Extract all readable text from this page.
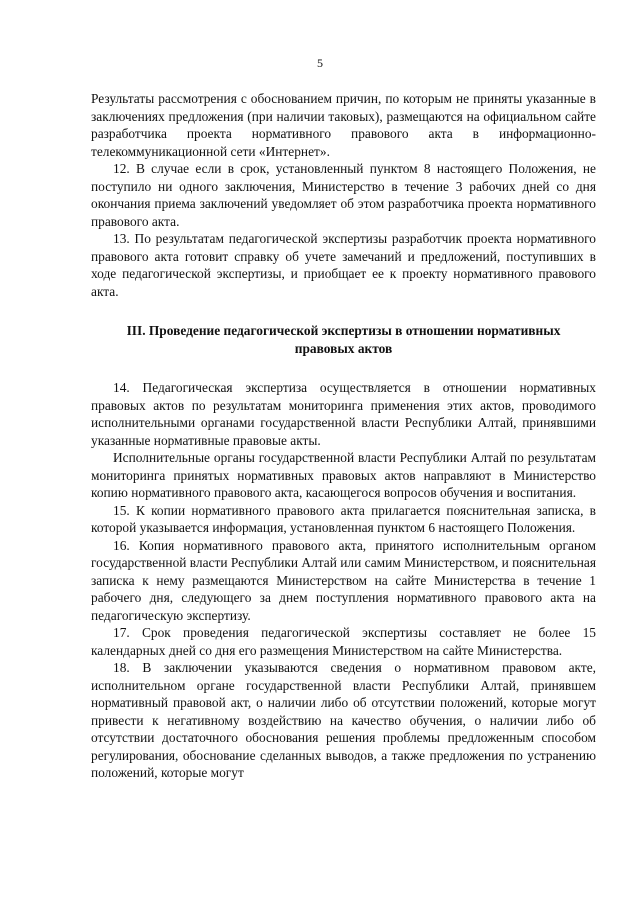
5

Результаты рассмотрения с обоснованием причин, по которым не приняты указанные в заключениях предложения (при наличии таковых), размещаются на официальном сайте разработчика проекта нормативного правового акта в информационно-телекоммуникационной сети «Интернет».

12. В случае если в срок, установленный пунктом 8 настоящего Положения, не поступило ни одного заключения, Министерство в течение 3 рабочих дней со дня окончания приема заключений уведомляет об этом разработчика проекта нормативного правового акта.

13. По результатам педагогической экспертизы разработчик проекта нормативного правового акта готовит справку об учете замечаний и предложений, поступивших в ходе педагогической экспертизы, и приобщает ее к проекту нормативного правового акта.

III. Проведение педагогической экспертизы в отношении нормативных правовых актов

14. Педагогическая экспертиза осуществляется в отношении нормативных правовых актов по результатам мониторинга применения этих актов, проводимого исполнительными органами государственной власти Республики Алтай, принявшими указанные нормативные правовые акты.

Исполнительные органы государственной власти Республики Алтай по результатам мониторинга принятых нормативных правовых актов направляют в Министерство копию нормативного правового акта, касающегося вопросов обучения и воспитания.

15. К копии нормативного правового акта прилагается пояснительная записка, в которой указывается информация, установленная пунктом 6 настоящего Положения.

16. Копия нормативного правового акта, принятого исполнительным органом государственной власти Республики Алтай или самим Министерством, и пояснительная записка к нему размещаются Министерством на сайте Министерства в течение 1 рабочего дня, следующего за днем поступления нормативного правового акта на педагогическую экспертизу.

17. Срок проведения педагогической экспертизы составляет не более 15 календарных дней со дня его размещения Министерством на сайте Министерства.

18. В заключении указываются сведения о нормативном правовом акте, исполнительном органе государственной власти Республики Алтай, принявшем нормативный правовой акт, о наличии либо об отсутствии положений, которые могут привести к негативному воздействию на качество обучения, о наличии либо об отсутствии достаточного обоснования решения проблемы предложенным способом регулирования, обоснование сделанных выводов, а также предложения по устранению положений, которые могут
